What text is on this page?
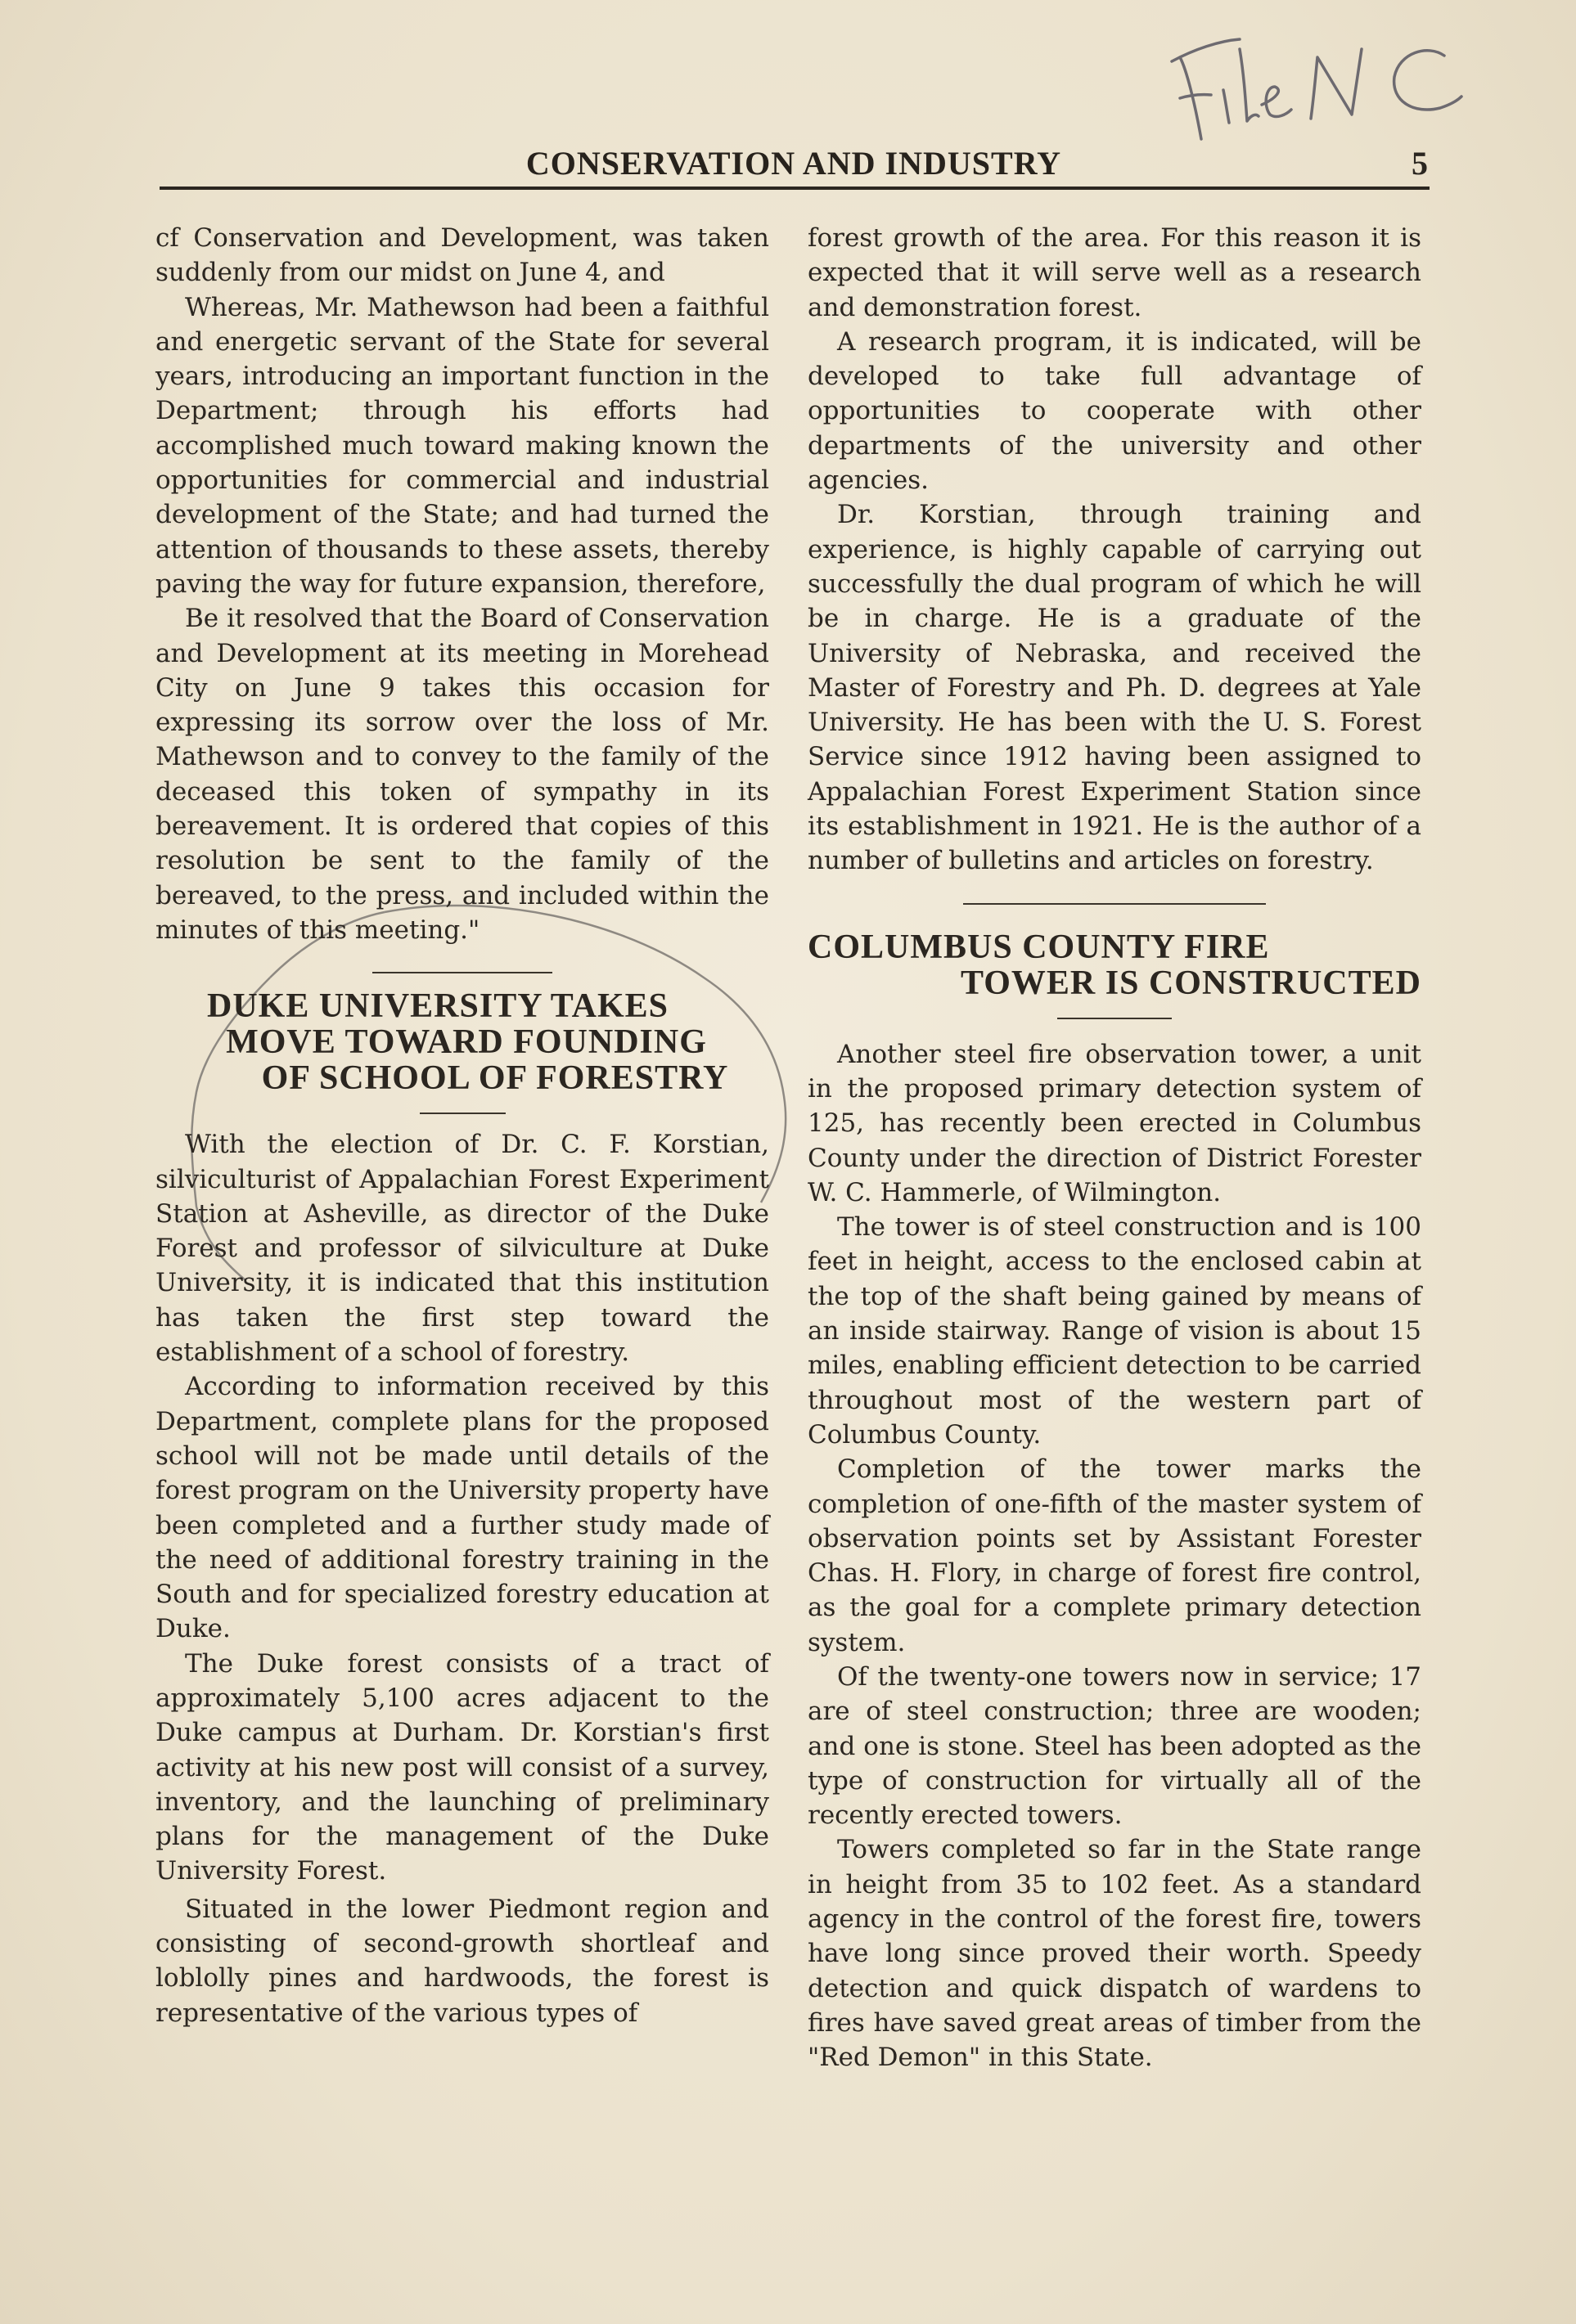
CONSERVATION AND INDUSTRY	5

cf Conservation and Development, was taken suddenly from our midst on June 4, and

Whereas, Mr. Mathewson had been a faithful and energetic servant of the State for several years, introducing an important function in the Department; through his efforts had accomplished much toward making known the opportunities for commercial and industrial development of the State; and had turned the attention of thousands to these assets, thereby paving the way for future expansion, therefore,

Be it resolved that the Board of Conservation and Development at its meeting in Morehead City on June 9 takes this occasion for expressing its sorrow over the loss of Mr. Mathewson and to convey to the family of the deceased this token of sympathy in its bereavement. It is ordered that copies of this resolution be sent to the family of the bereaved, to the press, and included within the minutes of this meeting."

DUKE UNIVERSITY TAKES
MOVE TOWARD FOUNDING
OF SCHOOL OF FORESTRY

With the election of Dr. C. F. Korstian, silviculturist of Appalachian Forest Experiment Station at Asheville, as director of the Duke Forest and professor of silviculture at Duke University, it is indicated that this institution has taken the first step toward the establishment of a school of forestry.

According to information received by this Department, complete plans for the proposed school will not be made until details of the forest program on the University property have been completed and a further study made of the need of additional forestry training in the South and for specialized forestry education at Duke.

The Duke forest consists of a tract of approximately 5,100 acres adjacent to the Duke campus at Durham. Dr. Korstian's first activity at his new post will consist of a survey, inventory, and the launching of preliminary plans for the management of the Duke University Forest.

Situated in the lower Piedmont region and consisting of second-growth shortleaf and loblolly pines and hardwoods, the forest is representative of the various types of

forest growth of the area. For this reason it is expected that it will serve well as a research and demonstration forest.

A research program, it is indicated, will be developed to take full advantage of opportunities to cooperate with other departments of the university and other agencies.

Dr. Korstian, through training and experience, is highly capable of carrying out successfully the dual program of which he will be in charge. He is a graduate of the University of Nebraska, and received the Master of Forestry and Ph. D. degrees at Yale University. He has been with the U. S. Forest Service since 1912 having been assigned to Appalachian Forest Experiment Station since its establishment in 1921. He is the author of a number of bulletins and articles on forestry.

COLUMBUS COUNTY FIRE
TOWER IS CONSTRUCTED

Another steel fire observation tower, a unit in the proposed primary detection system of 125, has recently been erected in Columbus County under the direction of District Forester W. C. Hammerle, of Wilmington.

The tower is of steel construction and is 100 feet in height, access to the enclosed cabin at the top of the shaft being gained by means of an inside stairway. Range of vision is about 15 miles, enabling efficient detection to be carried throughout most of the western part of Columbus County.

Completion of the tower marks the completion of one-fifth of the master system of observation points set by Assistant Forester Chas. H. Flory, in charge of forest fire control, as the goal for a complete primary detection system.

Of the twenty-one towers now in service; 17 are of steel construction; three are wooden; and one is stone. Steel has been adopted as the type of construction for virtually all of the recently erected towers.

Towers completed so far in the State range in height from 35 to 102 feet. As a standard agency in the control of the forest fire, towers have long since proved their worth. Speedy detection and quick dispatch of wardens to fires have saved great areas of timber from the "Red Demon" in this State.
